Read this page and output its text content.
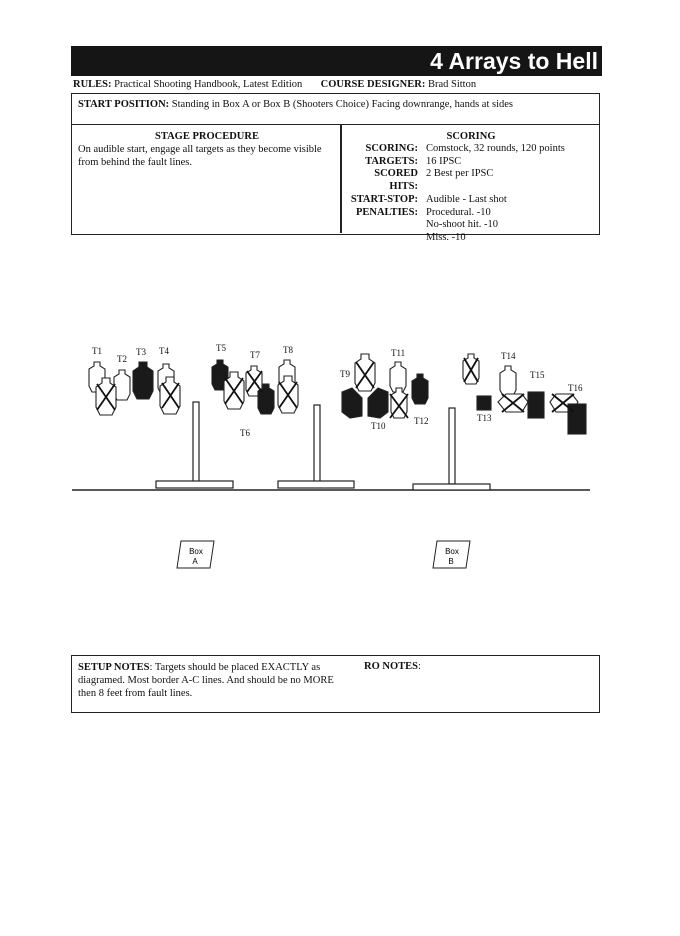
4 Arrays to Hell
RULES: Practical Shooting Handbook, Latest Edition COURSE DESIGNER: Brad Sitton
START POSITION: Standing in Box A or Box B (Shooters Choice) Facing downrange, hands at sides
STAGE PROCEDURE
On audible start, engage all targets as they become visible from behind the fault lines.
SCORING
SCORING: Comstock, 32 rounds, 120 points
TARGETS: 16 IPSC
SCORED HITS:
2 Best per IPSC
START-STOP: Audible - Last shot
PENALTIES: Procedural. -10
No-shoot hit. -10
Miss. -10
T1
T2
T3 T4	T5
T6
T7	T8
T9
T10
T11
T12	T13
T14
T15
T16
Box
A
Box
B
SETUP NOTES: Targets should be placed EXACTLY as diagramed. Most border A-C lines. And should be no MORE then 8 feet from fault lines.
RO NOTES:
